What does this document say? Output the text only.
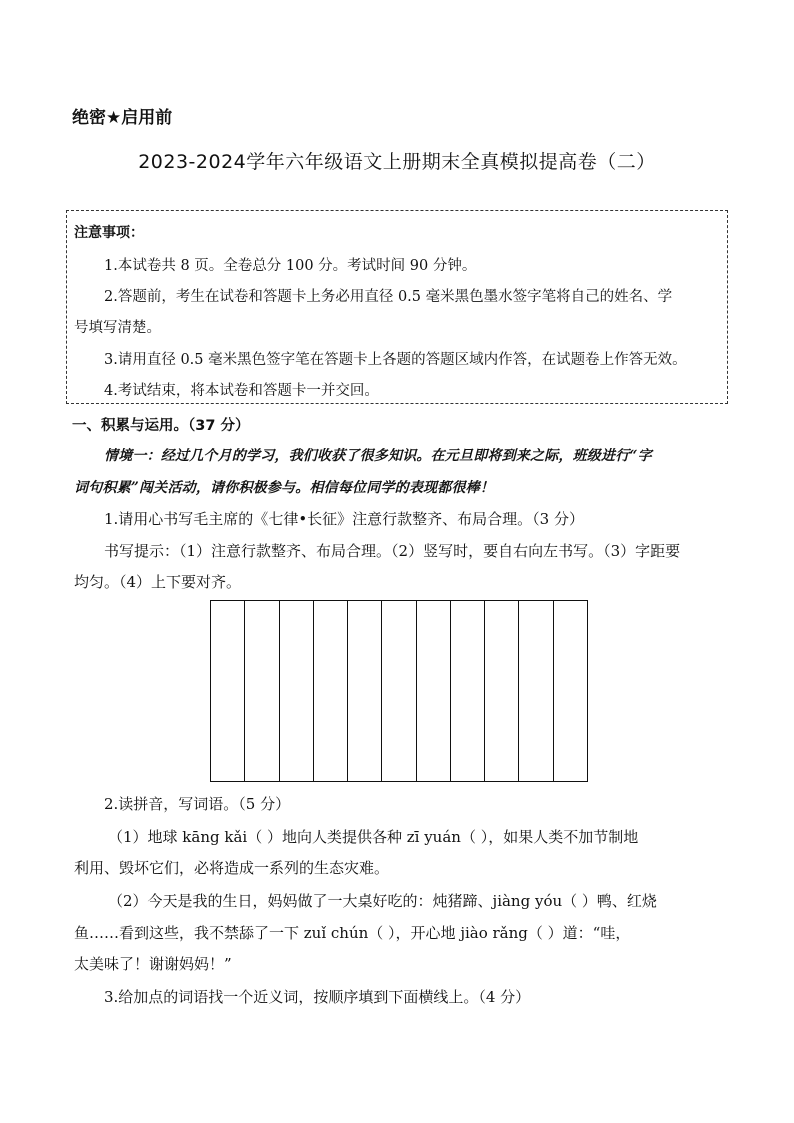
绝密★启用前
2023-2024学年六年级语文上册期末全真模拟提高卷（二）
注意事项：
1.本试卷共 8 页。全卷总分 100 分。考试时间 90 分钟。
2.答题前，考生在试卷和答题卡上务必用直径 0.5 毫米黑色墨水签字笔将自己的姓名、学
号填写清楚。
3.请用直径 0.5 毫米黑色签字笔在答题卡上各题的答题区域内作答，在试题卷上作答无效。
4.考试结束，将本试卷和答题卡一并交回。
一、积累与运用。（37 分）
情境一：经过几个月的学习，我们收获了很多知识。在元旦即将到来之际，班级进行“字
词句积累”闯关活动，请你积极参与。相信每位同学的表现都很棒！
1.请用心书写毛主席的《七律•长征》注意行款整齐、布局合理。（3 分）
书写提示：（1）注意行款整齐、布局合理。（2）竖写时，要自右向左书写。（3）字距要
均匀。（4）上下要对齐。
2.读拼音，写词语。（5 分）
（1）地球 kāng kǎi（ ）地向人类提供各种 zī yuán（ ），如果人类不加节制地
利用、毁坏它们，必将造成一系列的生态灾难。
（2）今天是我的生日，妈妈做了一大桌好吃的：炖猪蹄、jiàng yóu（ ）鸭、红烧
鱼……看到这些，我不禁舔了一下 zuǐ chún（ ），开心地 jiào rǎng（ ）道：“哇，
太美味了！谢谢妈妈！”
3.给加点的词语找一个近义词，按顺序填到下面横线上。（4 分）
